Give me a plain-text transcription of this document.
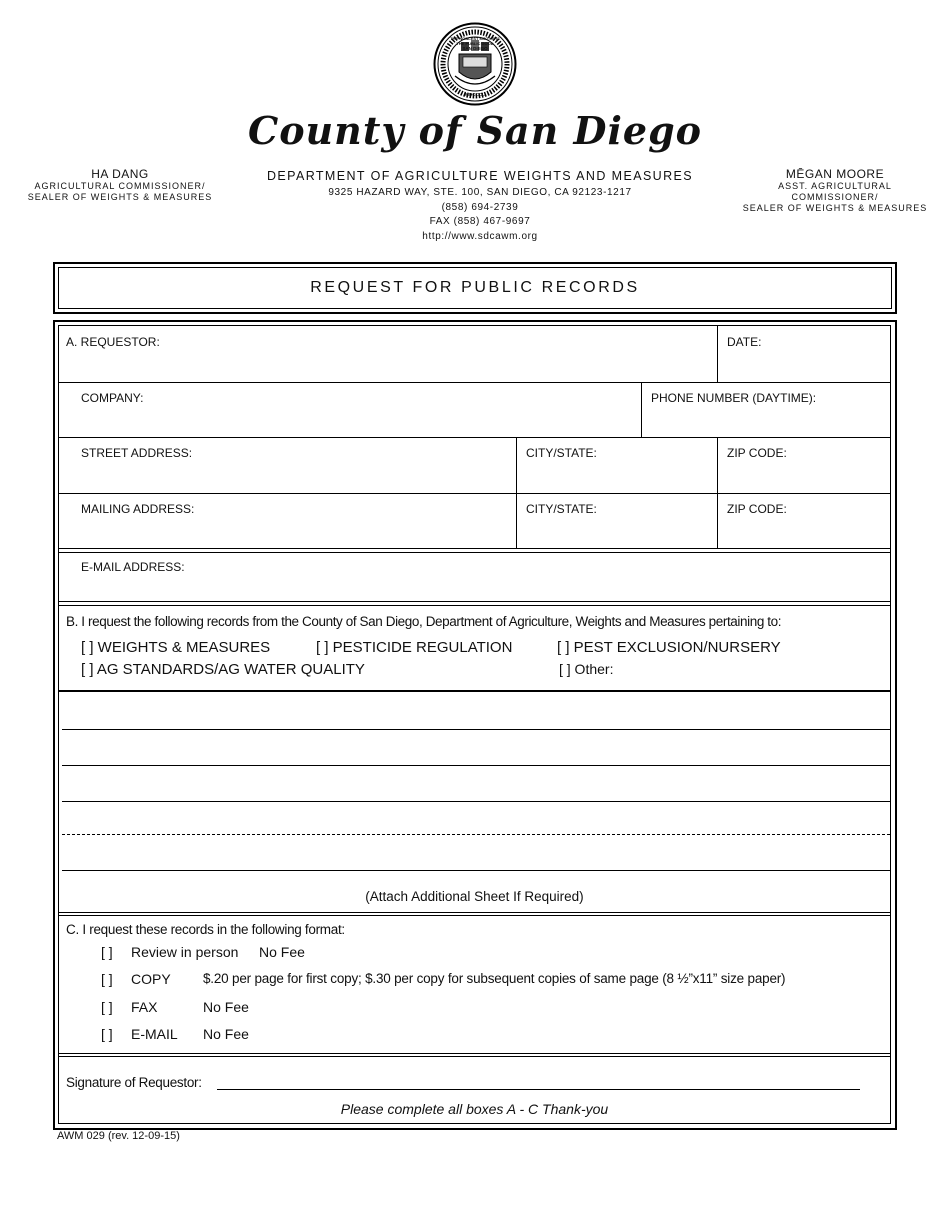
THE NOBLEST MOTIVE IS THE PUBLIC GOOD
SAN DIEGO
MDCCCL
County of San Diego
HA DANG
AGRICULTURAL COMMISSIONER/
SEALER OF WEIGHTS & MEASURES
DEPARTMENT OF AGRICULTURE WEIGHTS AND MEASURES
9325 HAZARD WAY, STE. 100, SAN DIEGO, CA 92123-1217
(858) 694-2739
FAX (858) 467-9697
http://www.sdcawm.org
MĒGAN MOORE
ASST. AGRICULTURAL COMMISSIONER/
SEALER OF WEIGHTS & MEASURES
REQUEST FOR PUBLIC RECORDS
A. REQUESTOR:	DATE:
COMPANY:	PHONE NUMBER (DAYTIME):
STREET ADDRESS:	CITY/STATE:	ZIP CODE:
MAILING ADDRESS:	CITY/STATE:	ZIP CODE:
E-MAIL ADDRESS:
B. I request the following records from the County of San Diego, Department of Agriculture, Weights and Measures pertaining to:
[ ] WEIGHTS & MEASURES	[ ] PESTICIDE REGULATION	[ ] PEST EXCLUSION/NURSERY
[ ] AG STANDARDS/AG WATER QUALITY	[ ] Other:
(Attach Additional Sheet If Required)
C. I request these records in the following format:
[ ] Review in person No Fee
[ ] COPY $.20 per page for first copy; $.30 per copy for subsequent copies of same page (8 ½”x11” size paper)
[ ] FAX	No Fee
[ ] E-MAIL No Fee
Signature of Requestor:
Please complete all boxes A - C Thank-you
AWM 029 (rev. 12-09-15)
